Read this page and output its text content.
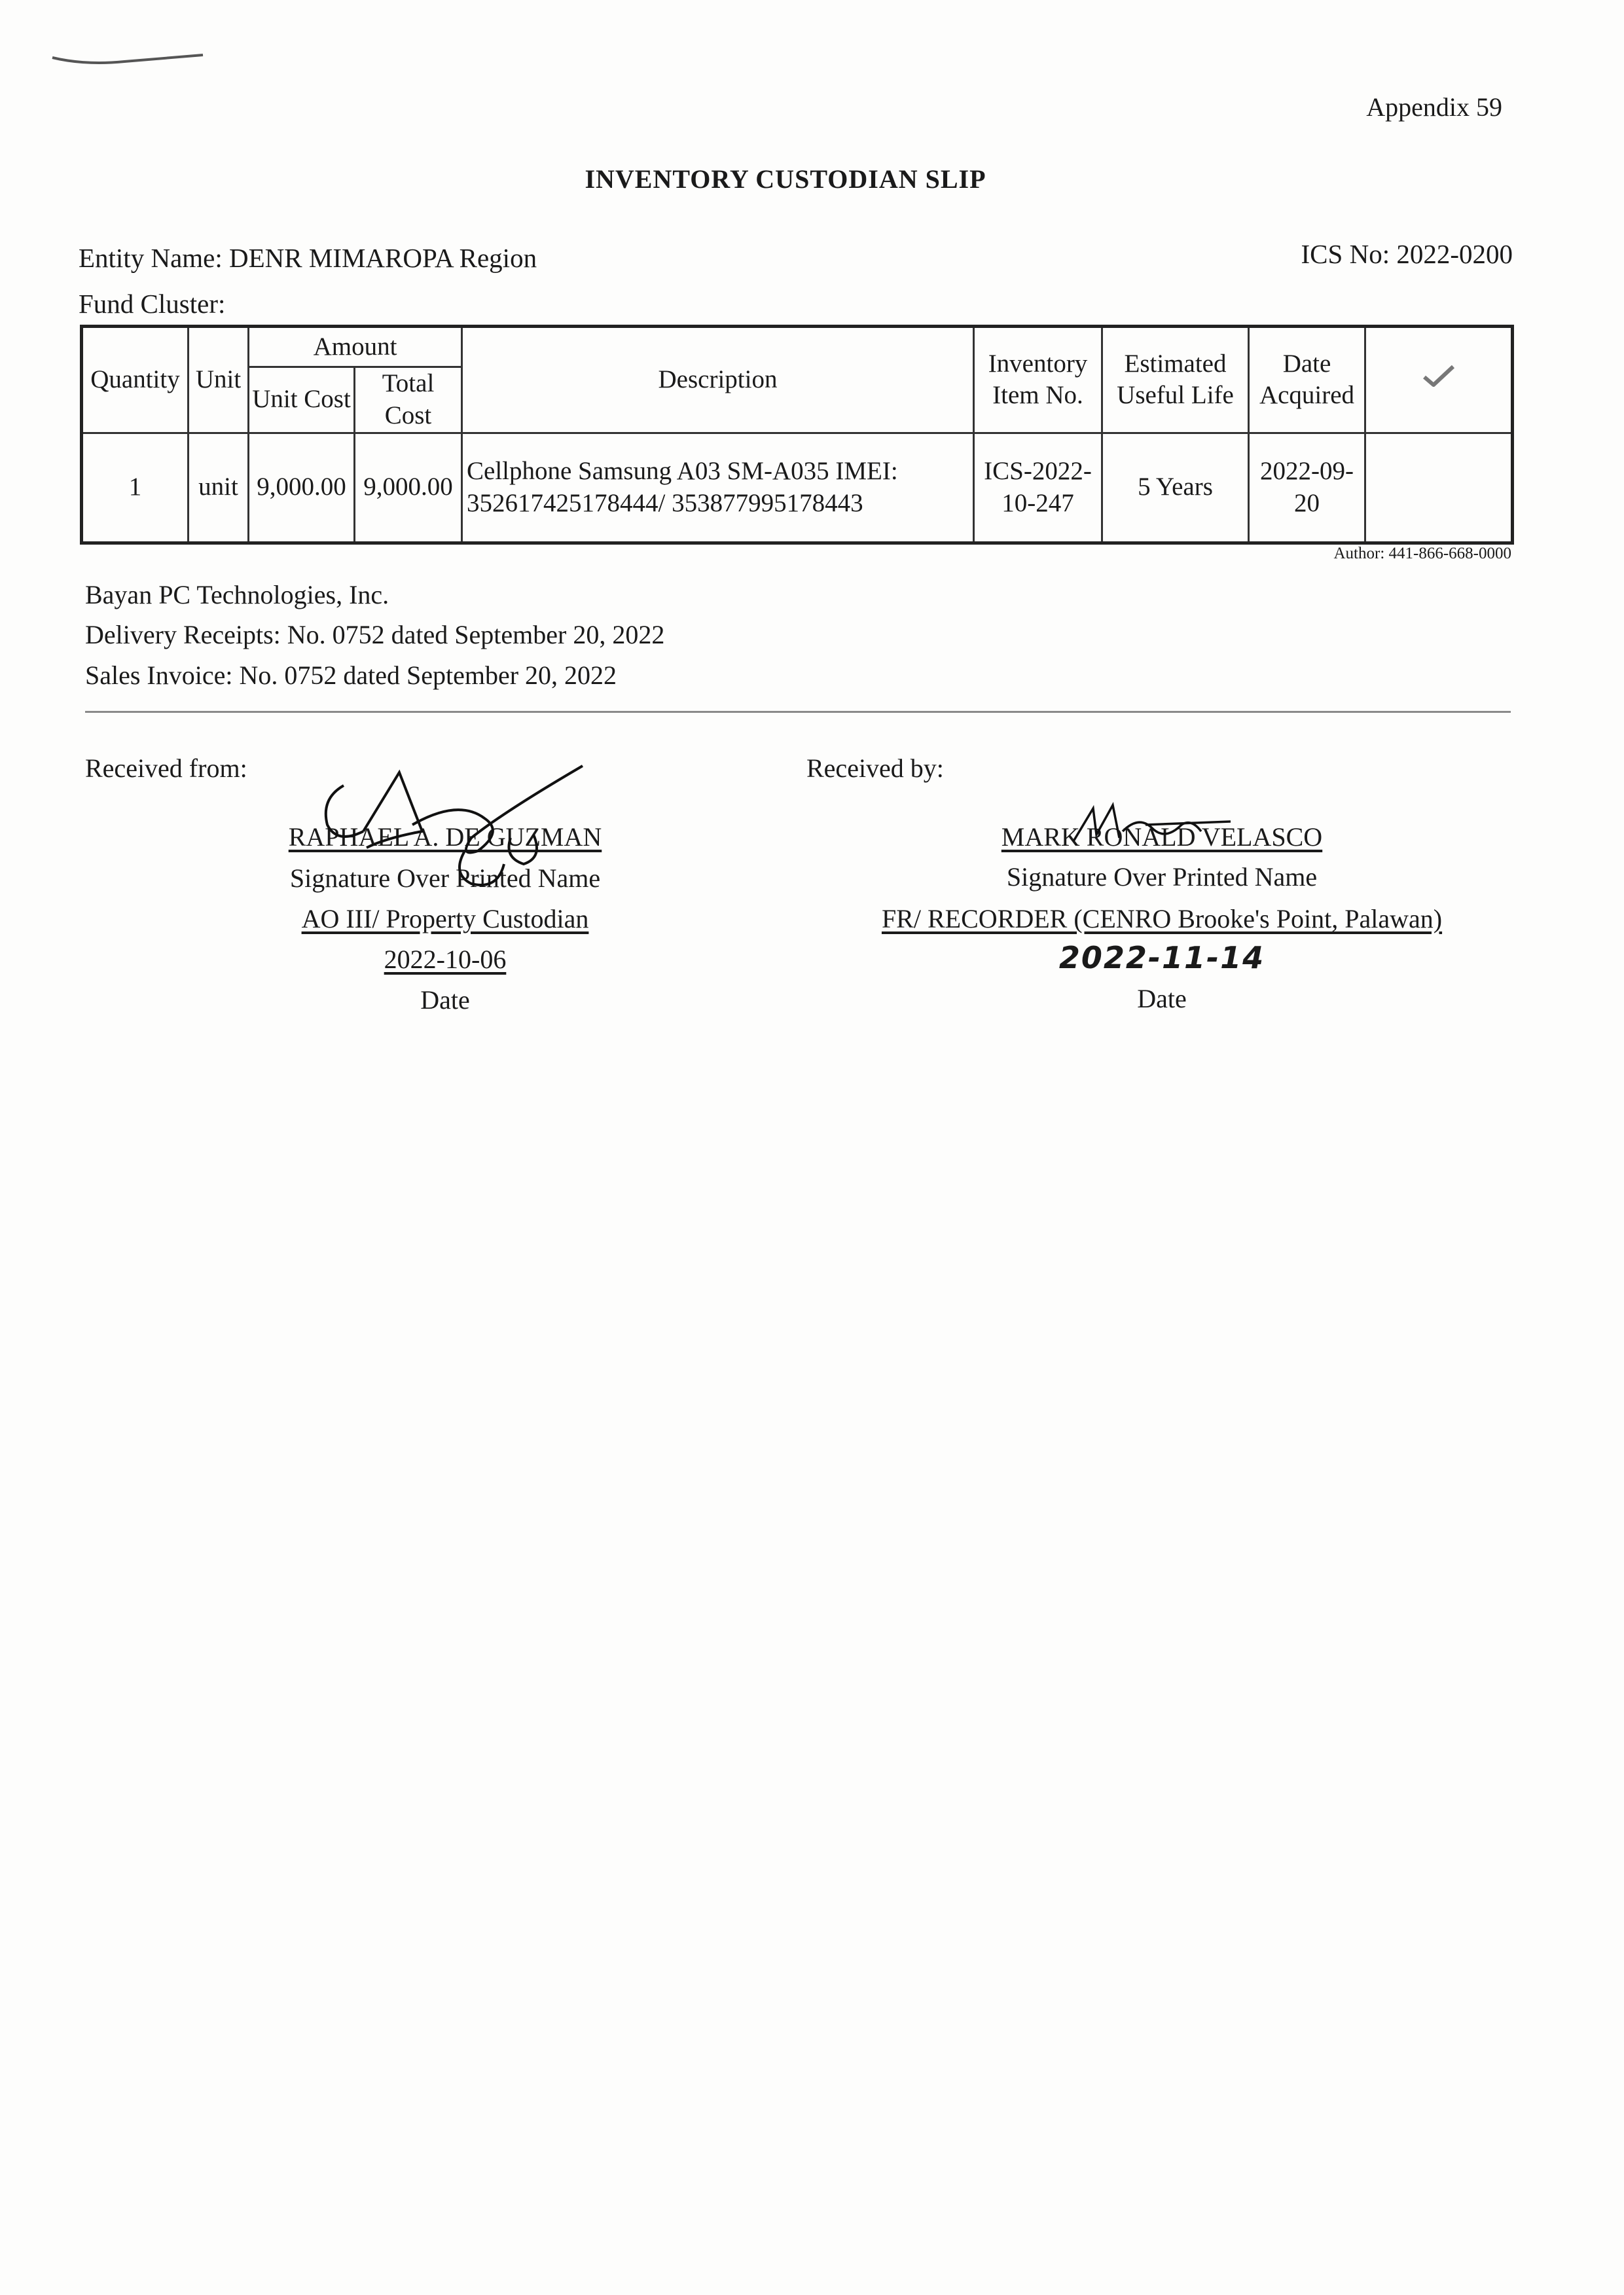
Appendix 59
INVENTORY CUSTODIAN SLIP
Entity Name: DENR MIMAROPA Region	ICS No: 2022-0200
Fund Cluster:
Quantity	Unit	Amount		Description	Inventory Item No.	Estimated Useful Life	Date Acquired	
		Unit Cost	Total Cost					
1	unit	9,000.00	9,000.00	Cellphone Samsung A03 SM-A035 IMEI: 352617425178444/ 353877995178443	ICS-2022-10-247	5 Years	2022-09-20	
Author: 441-866-668-0000
Bayan PC Technologies, Inc.
Delivery Receipts: No. 0752 dated September 20, 2022
Sales Invoice: No. 0752 dated September 20, 2022
Received from:	Received by:
RAPHAEL A. DE GUZMAN
Signature Over Printed Name
AO III/ Property Custodian
2022-10-06
Date
MARK RONALD VELASCO
Signature Over Printed Name
FR/ RECORDER (CENRO Brooke's Point, Palawan)
2022-11-14
Date
